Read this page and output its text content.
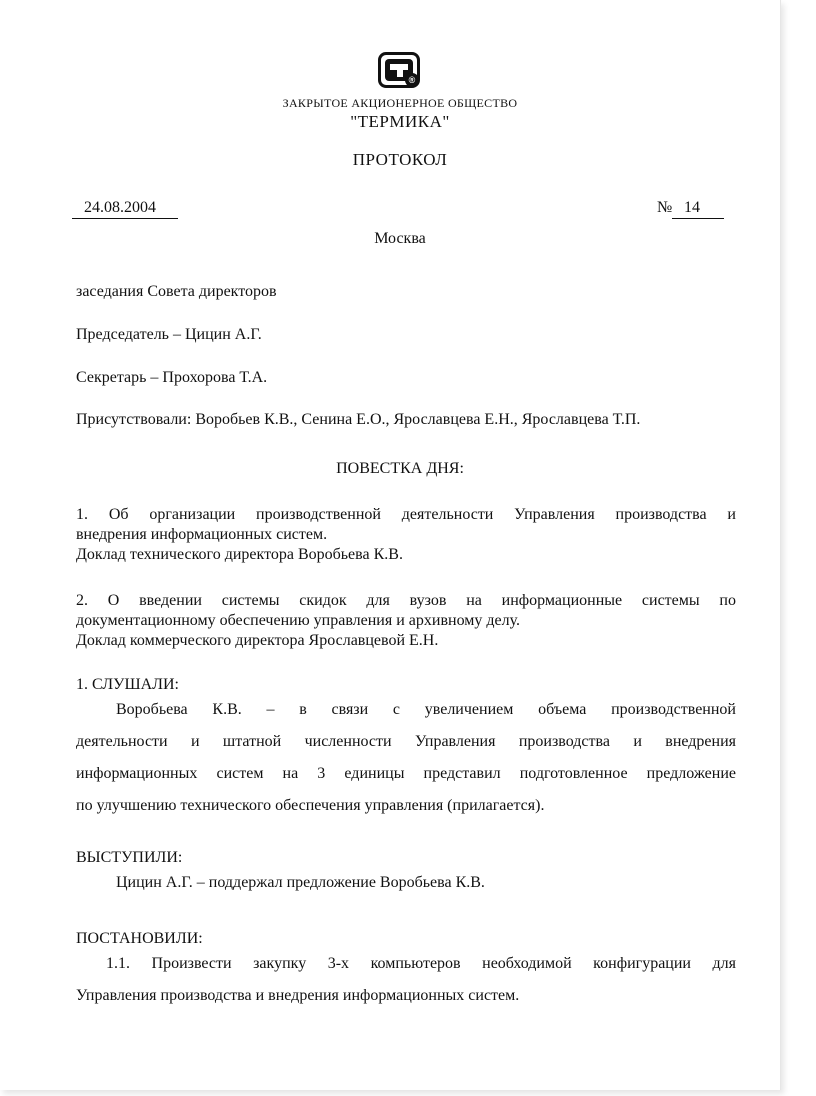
®
ЗАКРЫТОЕ АКЦИОНЕРНОЕ ОБЩЕСТВО
"ТЕРМИКА"
ПРОТОКОЛ
24.08.2004	№ 14
Москва
заседания Совета директоров
Председатель – Цицин А.Г.
Секретарь – Прохорова Т.А.
Присутствовали: Воробьев К.В., Сенина Е.О., Ярославцева Е.Н., Ярославцева Т.П.
ПОВЕСТКА ДНЯ:
1. Об организации производственной деятельности Управления производства и
внедрения информационных систем.
Доклад технического директора Воробьева К.В.
2. О введении системы скидок для вузов на информационные системы по
документационному обеспечению управления и архивному делу.
Доклад коммерческого директора Ярославцевой Е.Н.
1. СЛУШАЛИ:
Воробьева К.В. – в связи с увеличением объема производственной
деятельности и штатной численности Управления производства и внедрения
информационных систем на 3 единицы представил подготовленное предложение
по улучшению технического обеспечения управления (прилагается).
ВЫСТУПИЛИ:
Цицин А.Г. – поддержал предложение Воробьева К.В.
ПОСТАНОВИЛИ:
1.1. Произвести закупку 3-х компьютеров необходимой конфигурации для
Управления производства и внедрения информационных систем.
